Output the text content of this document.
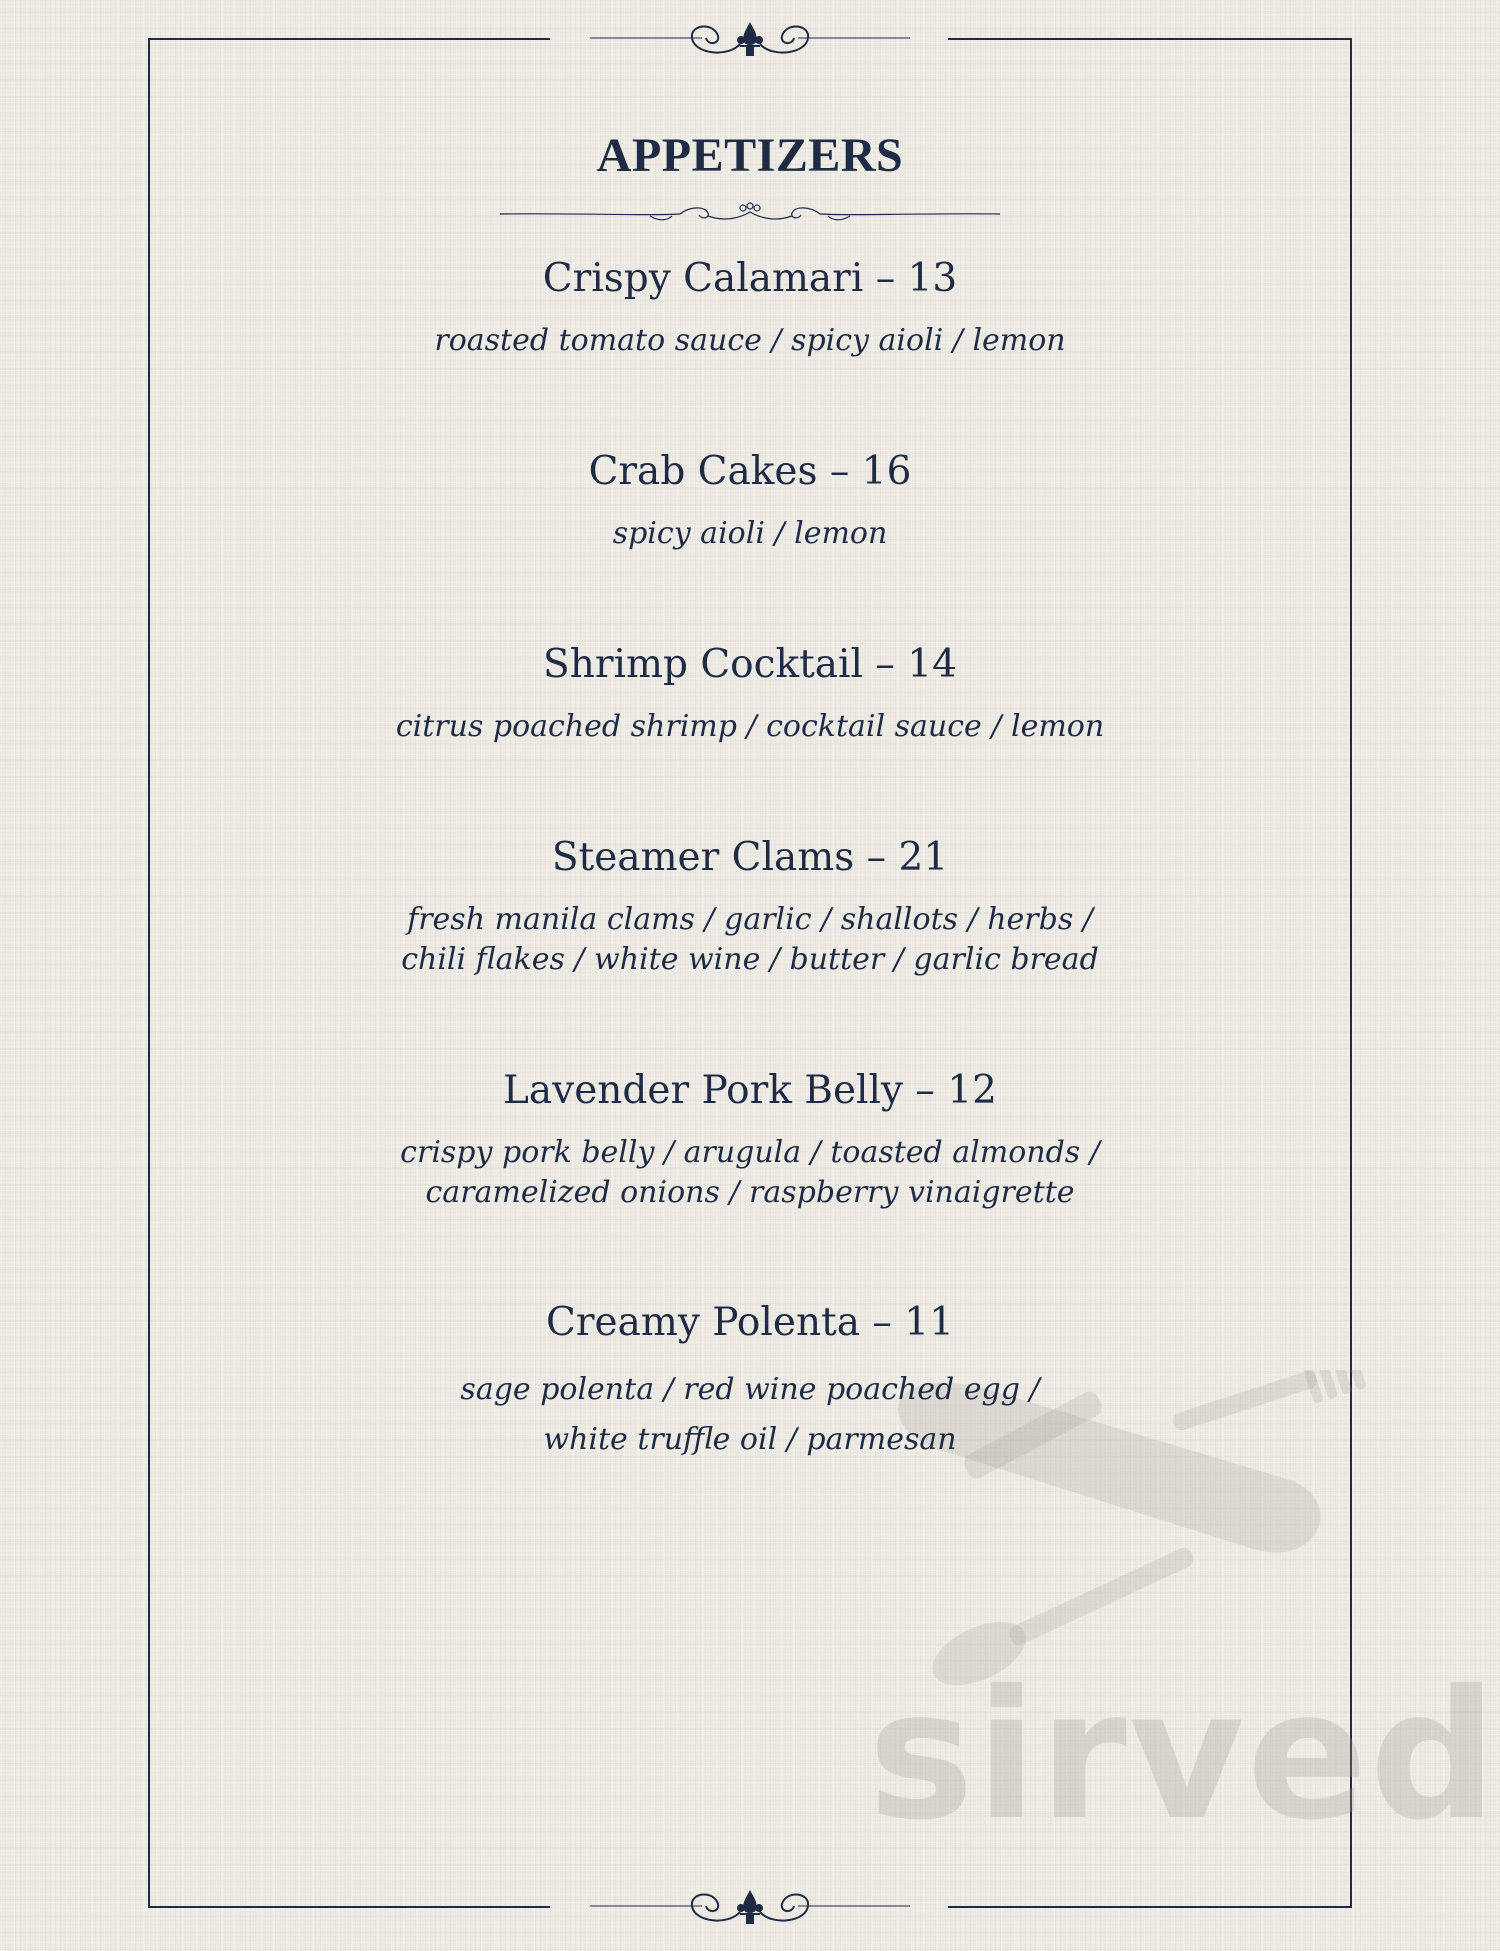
sirved
APPETIZERS
Crispy Calamari – 13
roasted tomato sauce / spicy aioli / lemon
Crab Cakes – 16
spicy aioli / lemon
Shrimp Cocktail – 14
citrus poached shrimp / cocktail sauce / lemon
Steamer Clams – 21
fresh manila clams / garlic / shallots / herbs /
chili flakes / white wine / butter / garlic bread
Lavender Pork Belly – 12
crispy pork belly / arugula / toasted almonds /
caramelized onions / raspberry vinaigrette
Creamy Polenta – 11
sage polenta / red wine poached egg /
white truffle oil / parmesan
